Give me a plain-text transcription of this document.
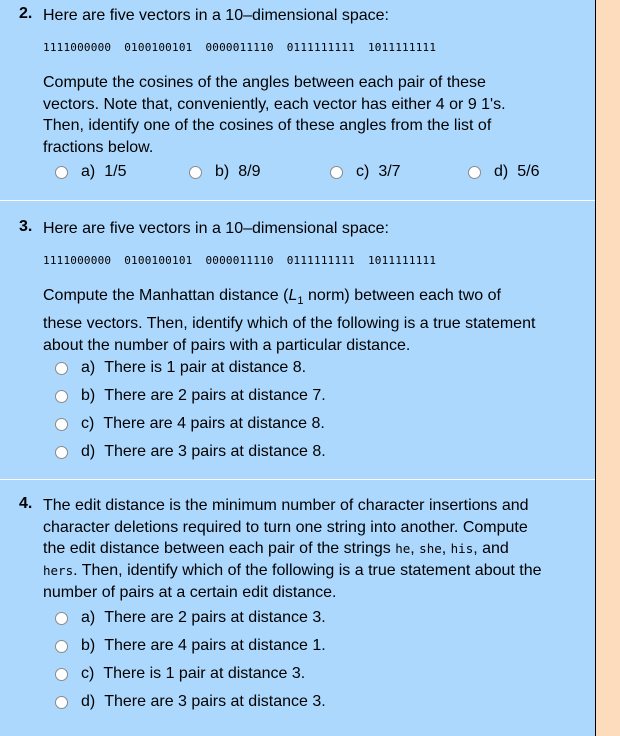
2. Here are five vectors in a 10–dimensional space:
1111000000 0100100101 0000011110 0111111111 1011111111
Compute the cosines of the angles between each pair of these vectors. Note that, conveniently, each vector has either 4 or 9 1's. Then, identify one of the cosines of these angles from the list of fractions below.
a) 1/5	b) 8/9	c) 3/7	d) 5/6
3. Here are five vectors in a 10–dimensional space:
1111000000 0100100101 0000011110 0111111111 1011111111
Compute the Manhattan distance ($L_1$ norm) between each two of these vectors. Then, identify which of the following is a true statement about the number of pairs with a particular distance.
a) There is 1 pair at distance 8.
b) There are 2 pairs at distance 7.
c) There are 4 pairs at distance 8.
d) There are 3 pairs at distance 8.
4. The edit distance is the minimum number of character insertions and character deletions required to turn one string into another. Compute the edit distance between each pair of the strings he, she, his, and hers. Then, identify which of the following is a true statement about the number of pairs at a certain edit distance.
a) There are 2 pairs at distance 3.
b) There are 4 pairs at distance 1.
c) There is 1 pair at distance 3.
d) There are 3 pairs at distance 3.
